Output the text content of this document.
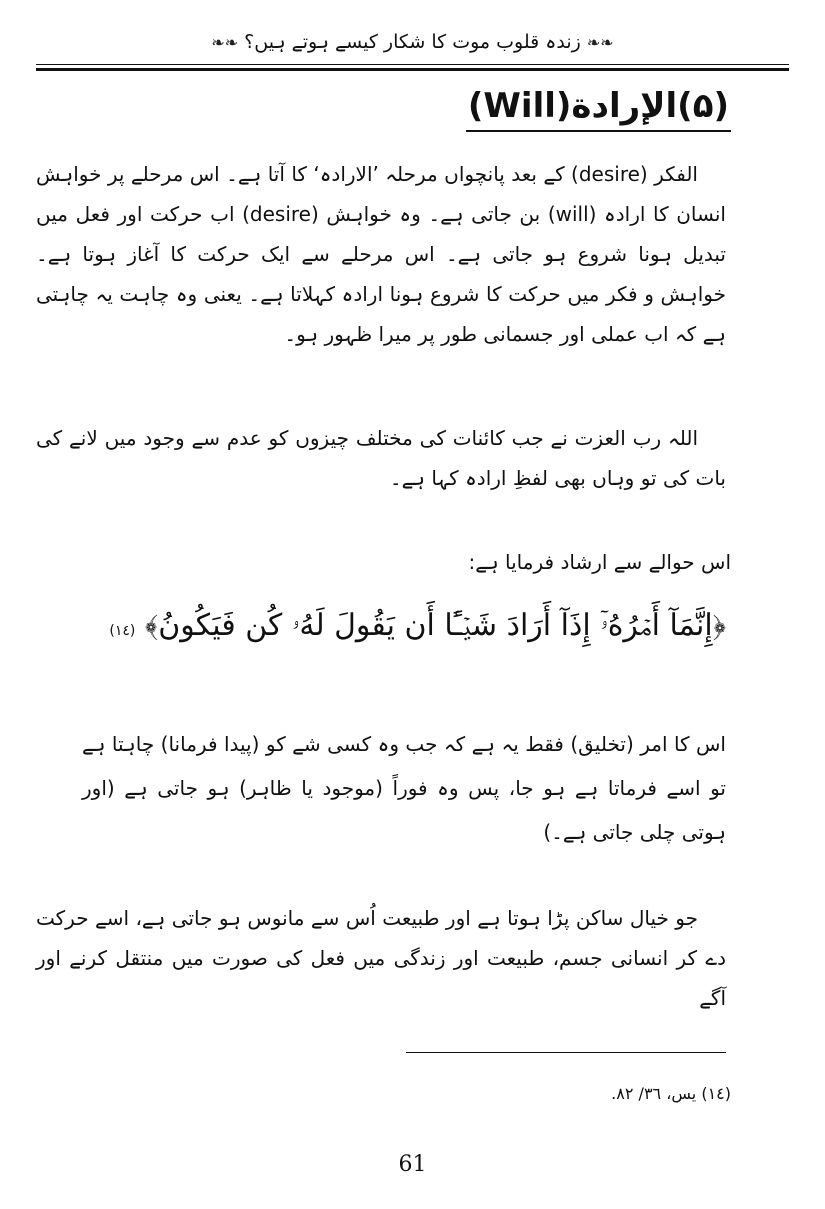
❧❧
زندہ قلوب موت کا شکار کیسے ہوتے ہیں؟
❧❧
(۵)الإرادة(Will)

الفکر (desire) کے بعد پانچواں مرحلہ ’الارادہ‘ کا آتا ہے۔ اس مرحلے پر خواہش انسان کا ارادہ (will) بن جاتی ہے۔ وہ خواہش (desire) اب حرکت اور فعل میں تبدیل ہونا شروع ہو جاتی ہے۔ اس مرحلے سے ایک حرکت کا آغاز ہوتا ہے۔ خواہش و فکر میں حرکت کا شروع ہونا ارادہ کہلاتا ہے۔ یعنی وہ چاہت یہ چاہتی ہے کہ اب عملی اور جسمانی طور پر میرا ظہور ہو۔

اللہ رب العزت نے جب کائنات کی مختلف چیزوں کو عدم سے وجود میں لانے کی بات کی تو وہاں بھی لفظِ ارادہ کہا ہے۔

اس حوالے سے ارشاد فرمایا ہے:
﴿إِنَّمَآ أَمۡرُهُۥٓ إِذَآ أَرَادَ شَيۡـًٔا أَن يَقُولَ لَهُۥ كُن فَيَكُونُ﴾ (١٤)

اس کا امر (تخلیق) فقط یہ ہے کہ جب وہ کسی شے کو (پیدا فرمانا) چاہتا ہے تو اسے فرماتا ہے ہو جا، پس وہ فوراً (موجود یا ظاہر) ہو جاتی ہے (اور ہوتی چلی جاتی ہے۔)

جو خیال ساکن پڑا ہوتا ہے اور طبیعت اُس سے مانوس ہو جاتی ہے، اسے حرکت دے کر انسانی جسم، طبیعت اور زندگی میں فعل کی صورت میں منتقل کرنے اور آگے

(١٤) يس، ٣٦/ ٨٢.
61
